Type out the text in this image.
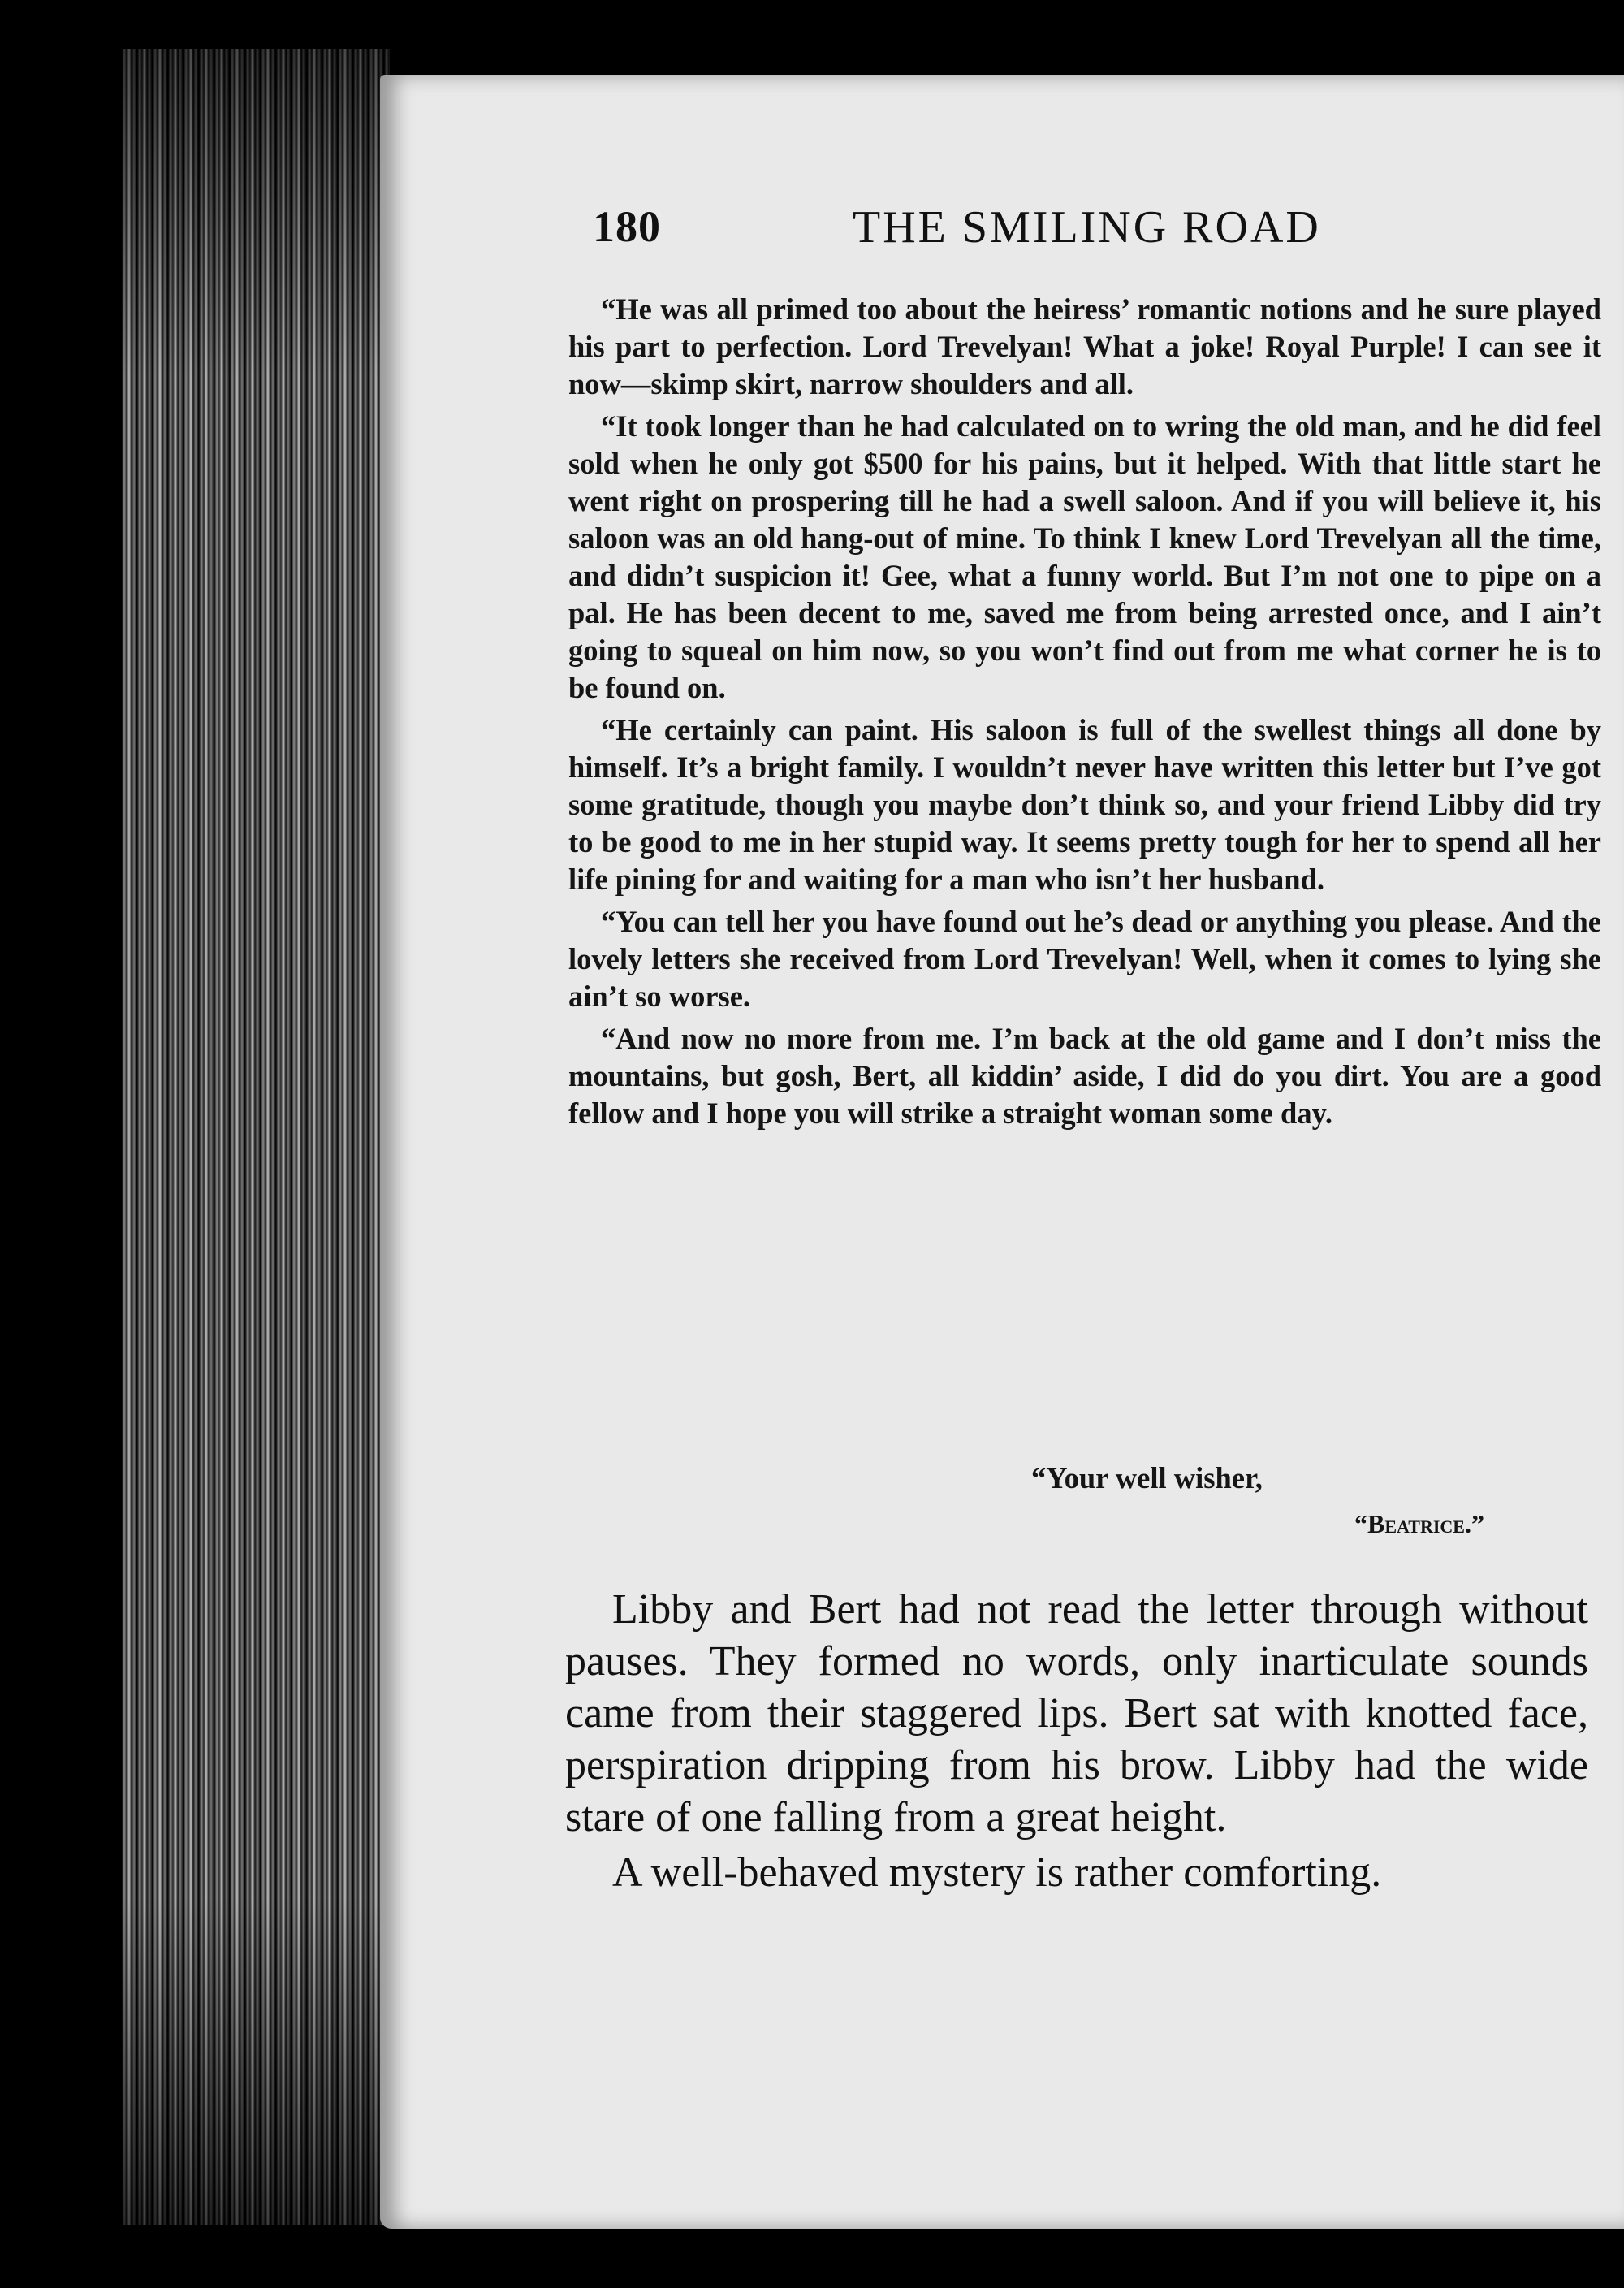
180	THE SMILING ROAD

“He was all primed too about the heiress’ romantic notions and he sure played his part to perfection. Lord Trevelyan! What a joke! Royal Purple! I can see it now—skimp skirt, narrow shoulders and all.

“It took longer than he had calculated on to wring the old man, and he did feel sold when he only got $500 for his pains, but it helped. With that little start he went right on prospering till he had a swell saloon. And if you will believe it, his saloon was an old hang-out of mine. To think I knew Lord Trevelyan all the time, and didn’t suspicion it! Gee, what a funny world. But I’m not one to pipe on a pal. He has been decent to me, saved me from being arrested once, and I ain’t going to squeal on him now, so you won’t find out from me what corner he is to be found on.

“He certainly can paint. His saloon is full of the swellest things all done by himself. It’s a bright family. I wouldn’t never have written this letter but I’ve got some gratitude, though you maybe don’t think so, and your friend Libby did try to be good to me in her stupid way. It seems pretty tough for her to spend all her life pining for and waiting for a man who isn’t her husband.

“You can tell her you have found out he’s dead or anything you please. And the lovely letters she received from Lord Trevelyan! Well, when it comes to lying she ain’t so worse.

“And now no more from me. I’m back at the old game and I don’t miss the mountains, but gosh, Bert, all kiddin’ aside, I did do you dirt. You are a good fellow and I hope you will strike a straight woman some day.

“Your well wisher,
“Beatrice.”

Libby and Bert had not read the letter through without pauses. They formed no words, only inarticulate sounds came from their staggered lips. Bert sat with knotted face, perspiration dripping from his brow. Libby had the wide stare of one falling from a great height.

A well-behaved mystery is rather comforting.
